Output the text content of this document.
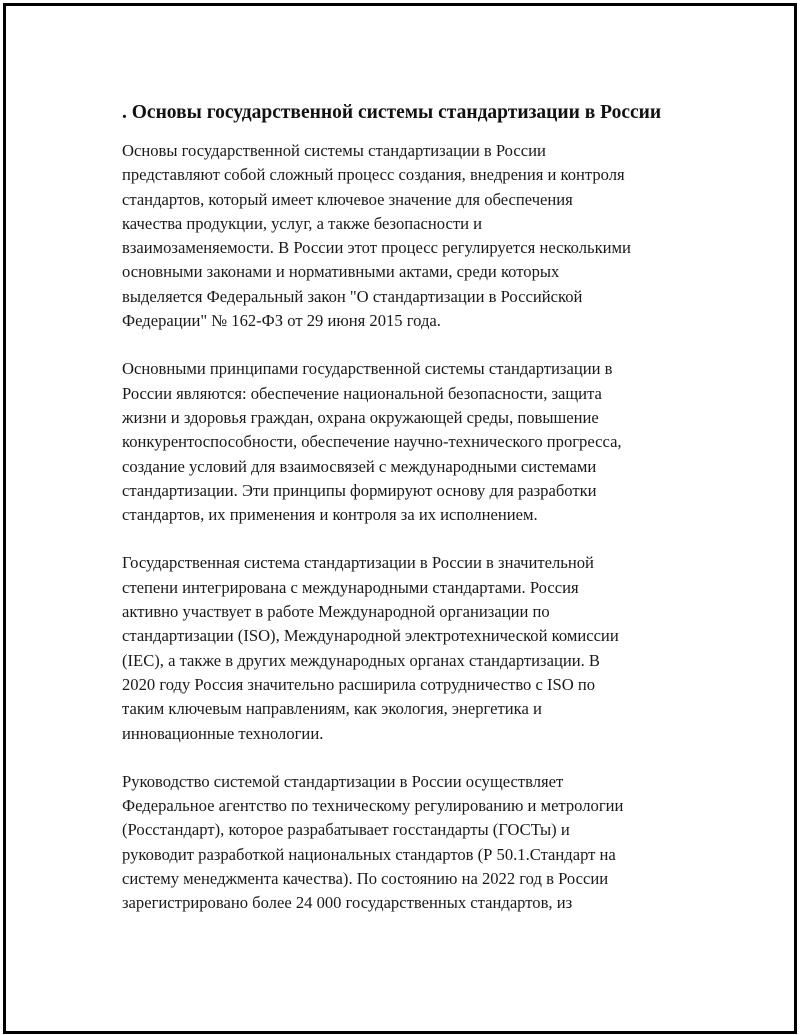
. Основы государственной системы стандартизации в России

Основы государственной системы стандартизации в России
представляют собой сложный процесс создания, внедрения и контроля
стандартов, который имеет ключевое значение для обеспечения
качества продукции, услуг, а также безопасности и
взаимозаменяемости. В России этот процесс регулируется несколькими
основными законами и нормативными актами, среди которых
выделяется Федеральный закон "О стандартизации в Российской
Федерации" № 162-ФЗ от 29 июня 2015 года.

Основными принципами государственной системы стандартизации в
России являются: обеспечение национальной безопасности, защита
жизни и здоровья граждан, охрана окружающей среды, повышение
конкурентоспособности, обеспечение научно-технического прогресса,
создание условий для взаимосвязей с международными системами
стандартизации. Эти принципы формируют основу для разработки
стандартов, их применения и контроля за их исполнением.

Государственная система стандартизации в России в значительной
степени интегрирована с международными стандартами. Россия
активно участвует в работе Международной организации по
стандартизации (ISO), Международной электротехнической комиссии
(IEC), а также в других международных органах стандартизации. В
2020 году Россия значительно расширила сотрудничество с ISO по
таким ключевым направлениям, как экология, энергетика и
инновационные технологии.

Руководство системой стандартизации в России осуществляет
Федеральное агентство по техническому регулированию и метрологии
(Росстандарт), которое разрабатывает госстандарты (ГОСТы) и
руководит разработкой национальных стандартов (Р 50.1.Стандарт на
систему менеджмента качества). По состоянию на 2022 год в России
зарегистрировано более 24 000 государственных стандартов, из
